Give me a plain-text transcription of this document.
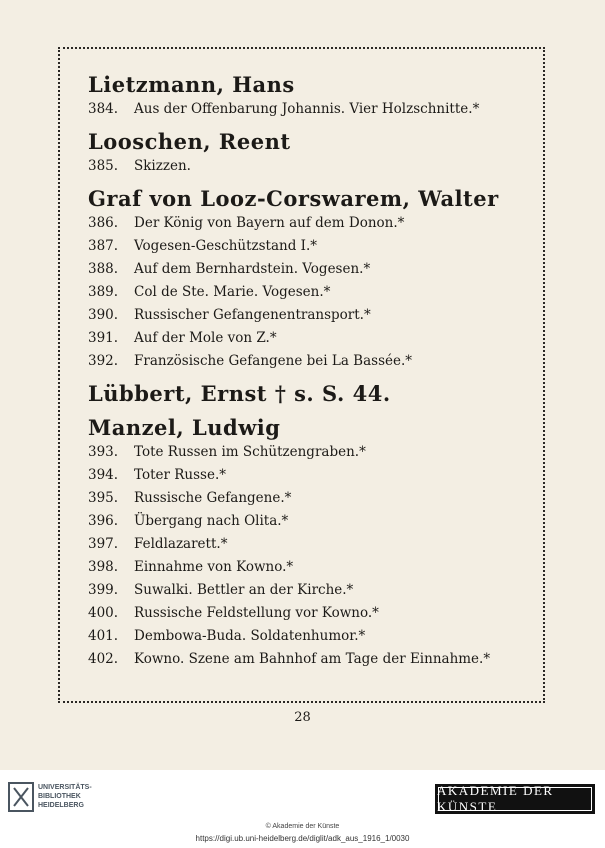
Lietzmann, Hans

384. Aus der Offenbarung Johannis. Vier Holzschnitte.*

Looschen, Reent

385. Skizzen.

Graf von Looz-Corswarem, Walter

386. Der König von Bayern auf dem Donon.*

387. Vogesen-Geschützstand I.*

388. Auf dem Bernhardstein. Vogesen.*

389. Col de Ste. Marie. Vogesen.*

390. Russischer Gefangenentransport.*

391. Auf der Mole von Z.*

392. Französische Gefangene bei La Bassée.*

Lübbert, Ernst † s. S. 44.
Manzel, Ludwig

393. Tote Russen im Schützengraben.*

394. Toter Russe.*

395. Russische Gefangene.*

396. Übergang nach Olita.*

397. Feldlazarett.*

398. Einnahme von Kowno.*

399. Suwalki. Bettler an der Kirche.*

400. Russische Feldstellung vor Kowno.*

401. Dembowa-Buda. Soldatenhumor.*

402. Kowno. Szene am Bahnhof am Tage der Einnahme.*

28
UNIVERSITÄTS-
BIBLIOTHEK
HEIDELBERG
AKADEMIE DER KÜNSTE
© Akademie der Künste
https://digi.ub.uni-heidelberg.de/diglit/adk_aus_1916_1/0030
